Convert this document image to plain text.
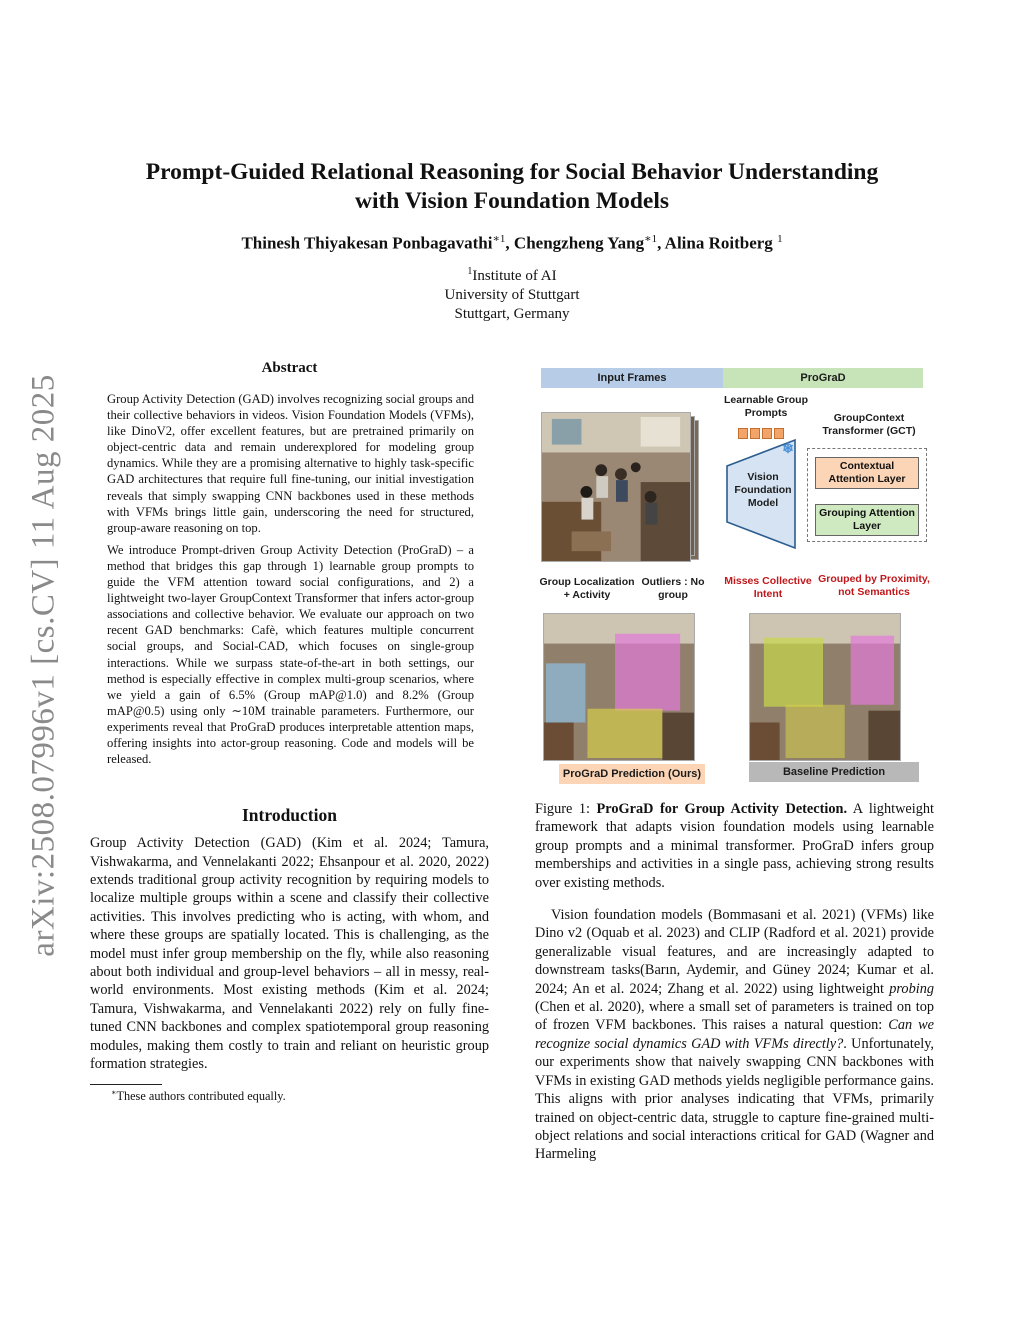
arXiv:2508.07996v1 [cs.CV] 11 Aug 2025
Prompt-Guided Relational Reasoning for Social Behavior Understanding
with Vision Foundation Models
Thinesh Thiyakesan Ponbagavathi$^{∗1}$, Chengzheng Yang$^{∗1}$, Alina Roitberg $^1$
$^1$Institute of AI
University of Stuttgart
Stuttgart, Germany
Abstract

Group Activity Detection (GAD) involves recognizing social groups and their collective behaviors in videos. Vision Foundation Models (VFMs), like DinoV2, offer excellent features, but are pretrained primarily on object-centric data and remain underexplored for modeling group dynamics. While they are a promising alternative to highly task-specific GAD architectures that require full fine-tuning, our initial investigation reveals that simply swapping CNN backbones used in these methods with VFMs brings little gain, underscoring the need for structured, group-aware reasoning on top.

We introduce Prompt-driven Group Activity Detection (ProGraD) – a method that bridges this gap through 1) learnable group prompts to guide the VFM attention toward social configurations, and 2) a lightweight two-layer GroupContext Transformer that infers actor-group associations and collective behavior. We evaluate our approach on two recent GAD benchmarks: Cafè, which features multiple concurrent social groups, and Social-CAD, which focuses on single-group interactions. While we surpass state-of-the-art in both settings, our method is especially effective in complex multi-group scenarios, where we yield a gain of 6.5% (Group mAP@1.0) and 8.2% (Group mAP@0.5) using only ∼10M trainable parameters. Furthermore, our experiments reveal that ProGraD produces interpretable attention maps, offering insights into actor-group reasoning. Code and models will be released.

Introduction

Group Activity Detection (GAD) (Kim et al. 2024; Tamura, Vishwakarma, and Vennelakanti 2022; Ehsanpour et al. 2020, 2022) extends traditional group activity recognition by requiring models to localize multiple groups within a scene and classify their collective activities. This involves predicting who is acting, with whom, and where these groups are spatially located. This is challenging, as the model must infer group membership on the fly, while also reasoning about both individual and group-level behaviors – all in messy, real-world environments. Most existing methods (Kim et al. 2024; Tamura, Vishwakarma, and Vennelakanti 2022) rely on fully fine-tuned CNN backbones and complex spatiotemporal group reasoning modules, making them costly to train and reliant on heuristic group formation strategies.

∗These authors contributed equally.
Input Frames	ProGraD
Learnable Group Prompts
❄
Vision Foundation Model
GroupContext Transformer (GCT)
Contextual Attention Layer
Grouping Attention Layer
Group Localization + Activity
Outliers : No group
Misses Collective Intent
Grouped by Proximity, not Semantics
ProGraD Prediction (Ours)	Baseline Prediction

Figure 1: ProGraD for Group Activity Detection. A lightweight framework that adapts vision foundation models using learnable group prompts and a minimal transformer. ProGraD infers group memberships and activities in a single pass, achieving strong results over existing methods.

Vision foundation models (Bommasani et al. 2021) (VFMs) like Dino v2 (Oquab et al. 2023) and CLIP (Radford et al. 2021) provide generalizable visual features, and are increasingly adapted to downstream tasks(Barın, Aydemir, and Güney 2024; Kumar et al. 2024; An et al. 2024; Zhang et al. 2022) using lightweight probing (Chen et al. 2020), where a small set of parameters is trained on top of frozen VFM backbones. This raises a natural question: Can we recognize social dynamics GAD with VFMs directly?. Unfortunately, our experiments show that naively swapping CNN backbones with VFMs in existing GAD methods yields negligible performance gains. This aligns with prior analyses indicating that VFMs, primarily trained on object-centric data, struggle to capture fine-grained multi-object relations and social interactions critical for GAD (Wagner and Harmeling
